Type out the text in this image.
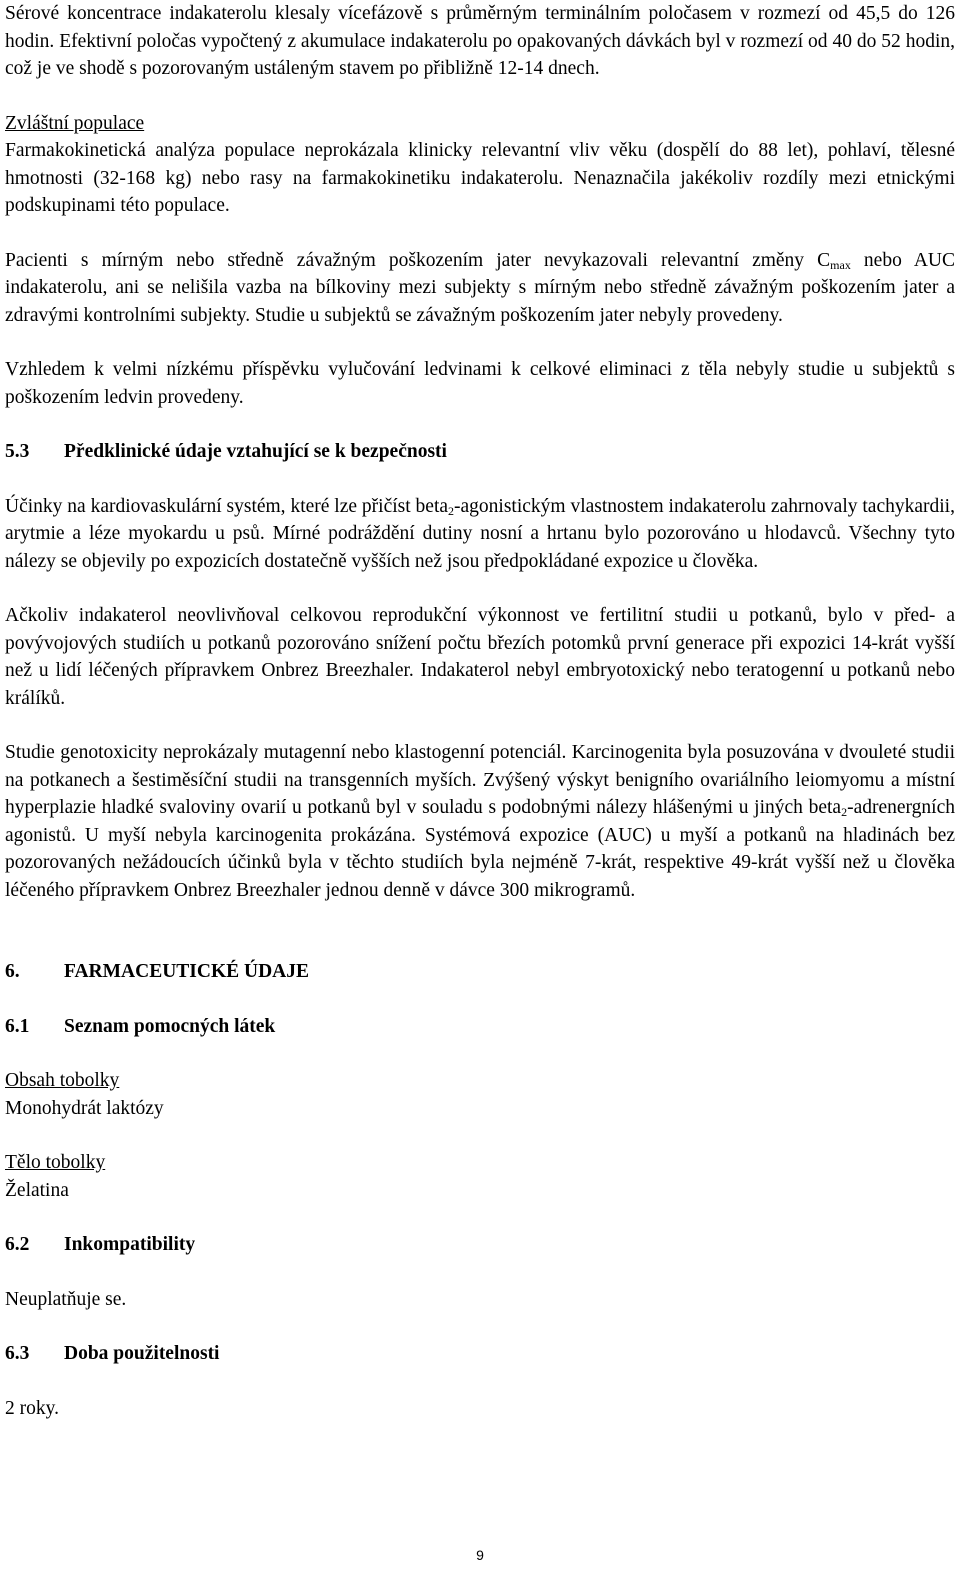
Sérové koncentrace indakaterolu klesaly vícefázově s průměrným terminálním poločasem v rozmezí od 45,5 do 126 hodin. Efektivní poločas vypočtený z akumulace indakaterolu po opakovaných dávkách byl v rozmezí od 40 do 52 hodin, což je ve shodě s pozorovaným ustáleným stavem po přibližně 12-14 dnech.

Zvláštní populace

Farmakokinetická analýza populace neprokázala klinicky relevantní vliv věku (dospělí do 88 let), pohlaví, tělesné hmotnosti (32-168 kg) nebo rasy na farmakokinetiku indakaterolu. Nenaznačila jakékoliv rozdíly mezi etnickými podskupinami této populace.

Pacienti s mírným nebo středně závažným poškozením jater nevykazovali relevantní změny $C_{max}$ nebo AUC indakaterolu, ani se nelišila vazba na bílkoviny mezi subjekty s mírným nebo středně závažným poškozením jater a zdravými kontrolními subjekty. Studie u subjektů se závažným poškozením jater nebyly provedeny.

Vzhledem k velmi nízkému příspěvku vylučování ledvinami k celkové eliminaci z těla nebyly studie u subjektů s poškozením ledvin provedeny.

5.3 Předklinické údaje vztahující se k bezpečnosti

Účinky na kardiovaskulární systém, které lze přičíst beta$_2$-agonistickým vlastnostem indakaterolu zahrnovaly tachykardii, arytmie a léze myokardu u psů. Mírné podráždění dutiny nosní a hrtanu bylo pozorováno u hlodavců. Všechny tyto nálezy se objevily po expozicích dostatečně vyšších než jsou předpokládané expozice u člověka.

Ačkoliv indakaterol neovlivňoval celkovou reprodukční výkonnost ve fertilitní studii u potkanů, bylo v před- a povývojových studiích u potkanů pozorováno snížení počtu březích potomků první generace při expozici 14-krát vyšší než u lidí léčených přípravkem Onbrez Breezhaler. Indakaterol nebyl embryotoxický nebo teratogenní u potkanů nebo králíků.

Studie genotoxicity neprokázaly mutagenní nebo klastogenní potenciál. Karcinogenita byla posuzována v dvouleté studii na potkanech a šestiměsíční studii na transgenních myších. Zvýšený výskyt benigního ovariálního leiomyomu a místní hyperplazie hladké svaloviny ovarií u potkanů byl v souladu s podobnými nálezy hlášenými u jiných beta$_2$-adrenergních agonistů. U myší nebyla karcinogenita prokázána. Systémová expozice (AUC) u myší a potkanů na hladinách bez pozorovaných nežádoucích účinků byla v těchto studiích byla nejméně 7-krát, respektive 49-krát vyšší než u člověka léčeného přípravkem Onbrez Breezhaler jednou denně v dávce 300 mikrogramů.

6. FARMACEUTICKÉ ÚDAJE

6.1 Seznam pomocných látek

Obsah tobolky

Monohydrát laktózy

Tělo tobolky

Želatina

6.2 Inkompatibility

Neuplatňuje se.

6.3 Doba použitelnosti

2 roky.

9
